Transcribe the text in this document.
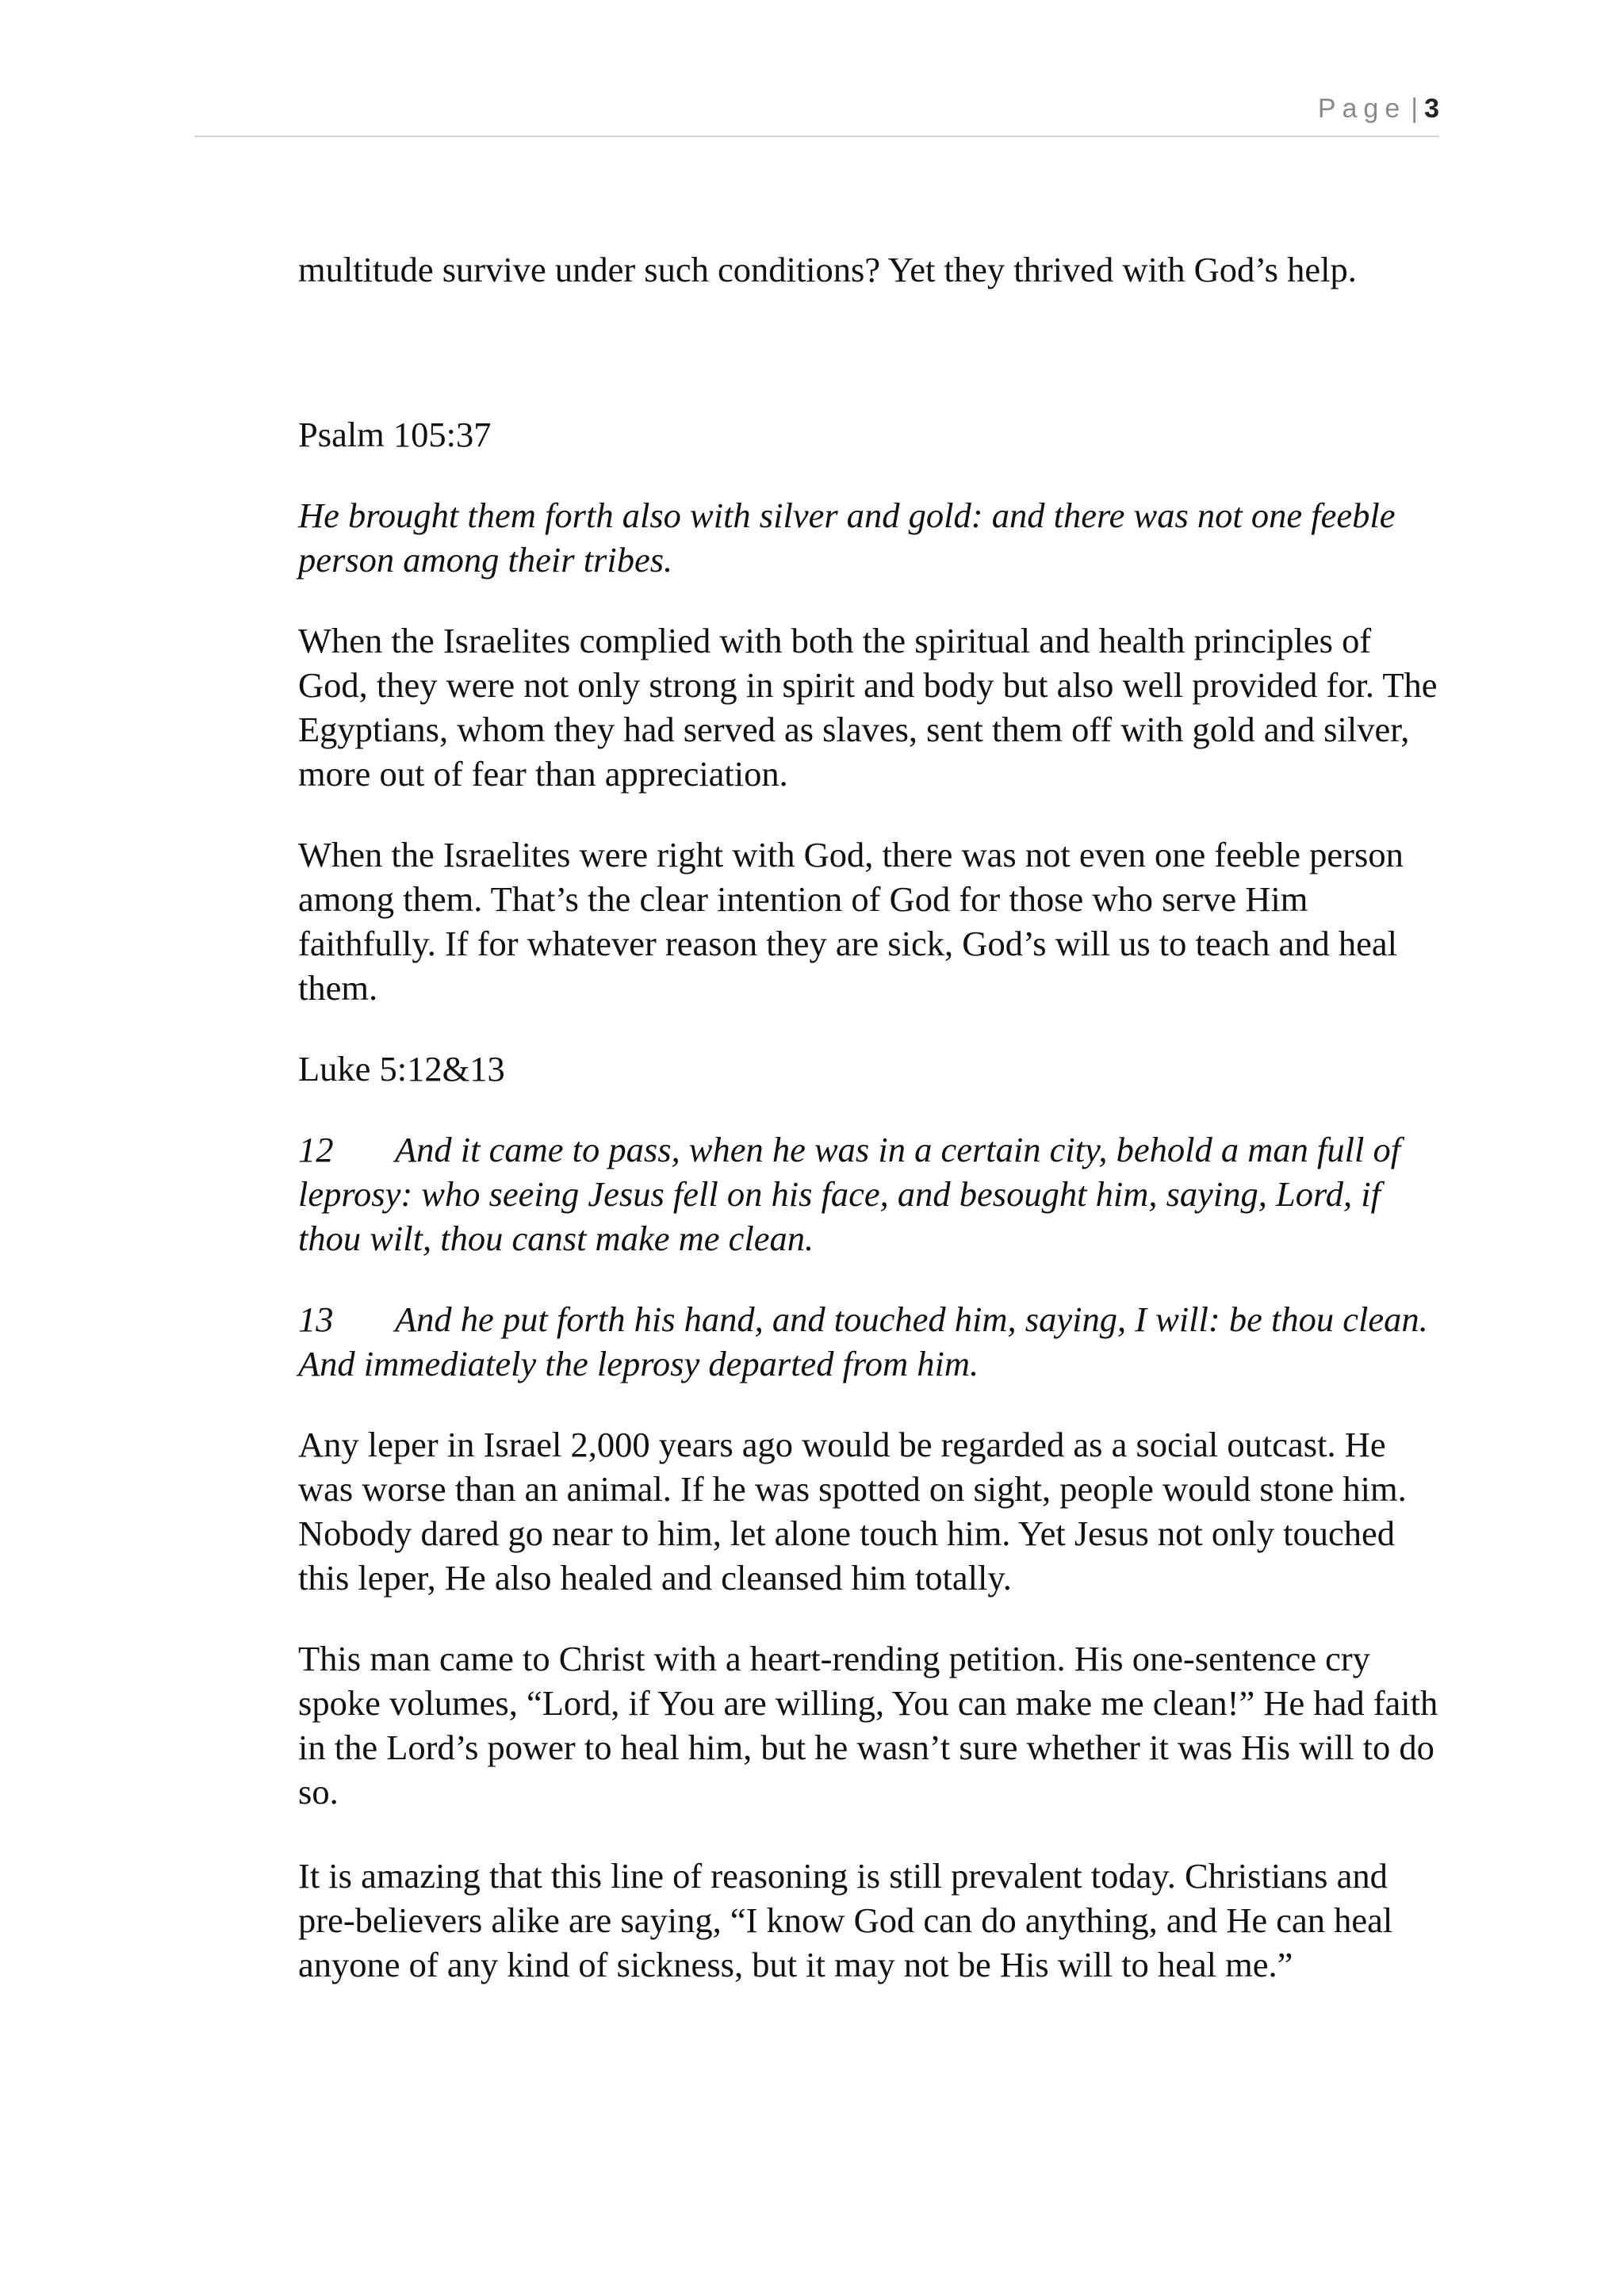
Page | 3

multitude survive under such conditions? Yet they thrived with God’s help.

Psalm 105:37

He brought them forth also with silver and gold: and there was not one feeble person among their tribes.

When the Israelites complied with both the spiritual and health principles of God, they were not only strong in spirit and body but also well provided for. The Egyptians, whom they had served as slaves, sent them off with gold and silver, more out of fear than appreciation.

When the Israelites were right with God, there was not even one feeble person among them. That’s the clear intention of God for those who serve Him faithfully. If for whatever reason they are sick, God’s will us to teach and heal them.

Luke 5:12&13

12 And it came to pass, when he was in a certain city, behold a man full of leprosy: who seeing Jesus fell on his face, and besought him, saying, Lord, if thou wilt, thou canst make me clean.

13 And he put forth his hand, and touched him, saying, I will: be thou clean. And immediately the leprosy departed from him.

Any leper in Israel 2,000 years ago would be regarded as a social outcast. He was worse than an animal. If he was spotted on sight, people would stone him. Nobody dared go near to him, let alone touch him. Yet Jesus not only touched this leper, He also healed and cleansed him totally.

This man came to Christ with a heart-rending petition. His one-sentence cry spoke volumes, “Lord, if You are willing, You can make me clean!” He had faith in the Lord’s power to heal him, but he wasn’t sure whether it was His will to do so.

It is amazing that this line of reasoning is still prevalent today. Christians and pre-believers alike are saying, “I know God can do anything, and He can heal anyone of any kind of sickness, but it may not be His will to heal me.”
